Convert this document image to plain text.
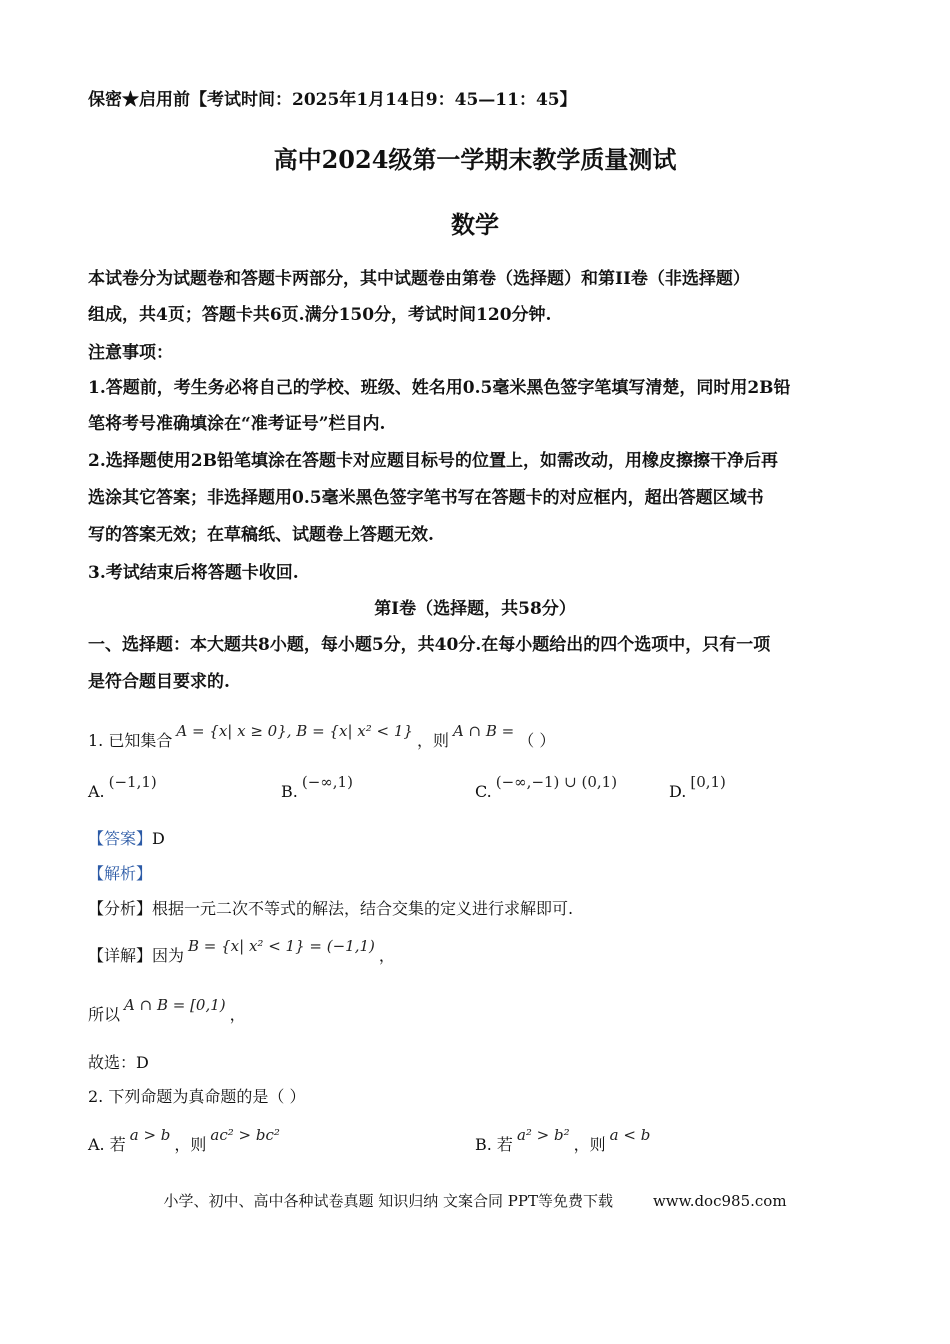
保密★启用前【考试时间：2025年1月14日9：45—11：45】
高中2024级第一学期末教学质量测试
数学
本试卷分为试题卷和答题卡两部分，其中试题卷由第卷（选择题）和第II卷（非选择题）
组成，共4页；答题卡共6页.满分150分，考试时间120分钟.
注意事项：
1.答题前，考生务必将自己的学校、班级、姓名用0.5毫米黑色签字笔填写清楚，同时用2B铅
笔将考号准确填涂在“准考证号”栏目内.
2.选择题使用2B铅笔填涂在答题卡对应题目标号的位置上，如需改动，用橡皮擦擦干净后再
选涂其它答案；非选择题用0.5毫米黑色签字笔书写在答题卡的对应框内，超出答题区域书
写的答案无效；在草稿纸、试题卷上答题无效.
3.考试结束后将答题卡收回.
第I卷（选择题，共58分）
一、选择题：本大题共8小题，每小题5分，共40分.在每小题给出的四个选项中，只有一项
是符合题目要求的.
1. 已知集合 A = {x| x ≥ 0}, B = {x| x² < 1} ，则 A ∩ B = （ ）
A. (−1,1)	B. (−∞,1)	C. (−∞,−1) ∪ (0,1)	D. [0,1)
【答案】D
【解析】
【分析】根据一元二次不等式的解法，结合交集的定义进行求解即可.
【详解】因为 B = {x| x² < 1} = (−1,1) ，
所以 A ∩ B = [0,1) ，
故选：D
2. 下列命题为真命题的是（ ）
A. 若 a > b ，则 ac² > bc²	B. 若 a² > b² ，则 a < b
小学、初中、高中各种试卷真题 知识归纳 文案合同 PPT等免费下载	www.doc985.com
